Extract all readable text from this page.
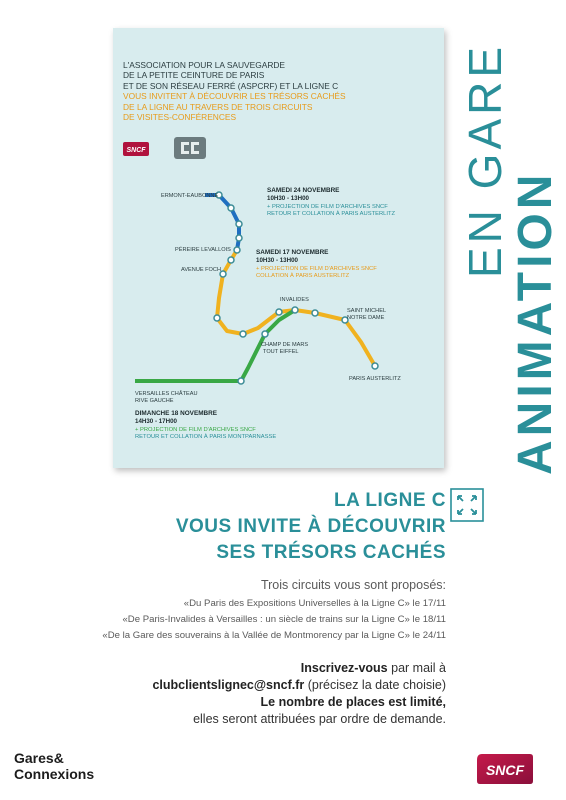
EN GARE
ANIMATION
L'ASSOCIATION POUR LA SAUVEGARDE
DE LA PETITE CEINTURE DE PARIS
ET DE SON RÉSEAU FERRÉ (ASPCRF) ET LA LIGNE C
VOUS INVITENT À DÉCOUVRIR LES TRÉSORS CACHÉS
DE LA LIGNE AU TRAVERS DE TROIS CIRCUITS
DE VISITES-CONFÉRENCES
SNCF
ERMONT-EAUBONNE
PÉREIRE LEVALLOIS
AVENUE FOCH
INVALIDES
SAINT MICHEL
NOTRE DAME
CHAMP DE MARS
TOUT EIFFEL
PARIS AUSTERLITZ
VERSAILLES CHÂTEAU
RIVE GAUCHE
SAMEDI 24 NOVEMBRE
10H30 - 13H00
+ PROJECTION DE FILM D'ARCHIVES SNCF
RETOUR ET COLLATION À PARIS AUSTERLITZ
SAMEDI 17 NOVEMBRE
10H30 - 13H00
+ PROJECTION DE FILM D'ARCHIVES SNCF
COLLATION À PARIS AUSTERLITZ
DIMANCHE 18 NOVEMBRE
14H30 - 17H00
+ PROJECTION DE FILM D'ARCHIVES SNCF
RETOUR ET COLLATION À PARIS MONTPARNASSE
LA LIGNE C
VOUS INVITE À DÉCOUVRIR
SES TRÉSORS CACHÉS
Trois circuits vous sont proposés:
«Du Paris des Expositions Universelles à la Ligne C» le 17/11
«De Paris-Invalides à Versailles : un siècle de trains sur la Ligne C» le 18/11
«De la Gare des souverains à la Vallée de Montmorency par la Ligne C» le 24/11
Inscrivez-vous par mail à
clubclientslignec@sncf.fr (précisez la date choisie)
Le nombre de places est limité,
elles seront attribuées par ordre de demande.
Gares&
Connexions	SNCF
